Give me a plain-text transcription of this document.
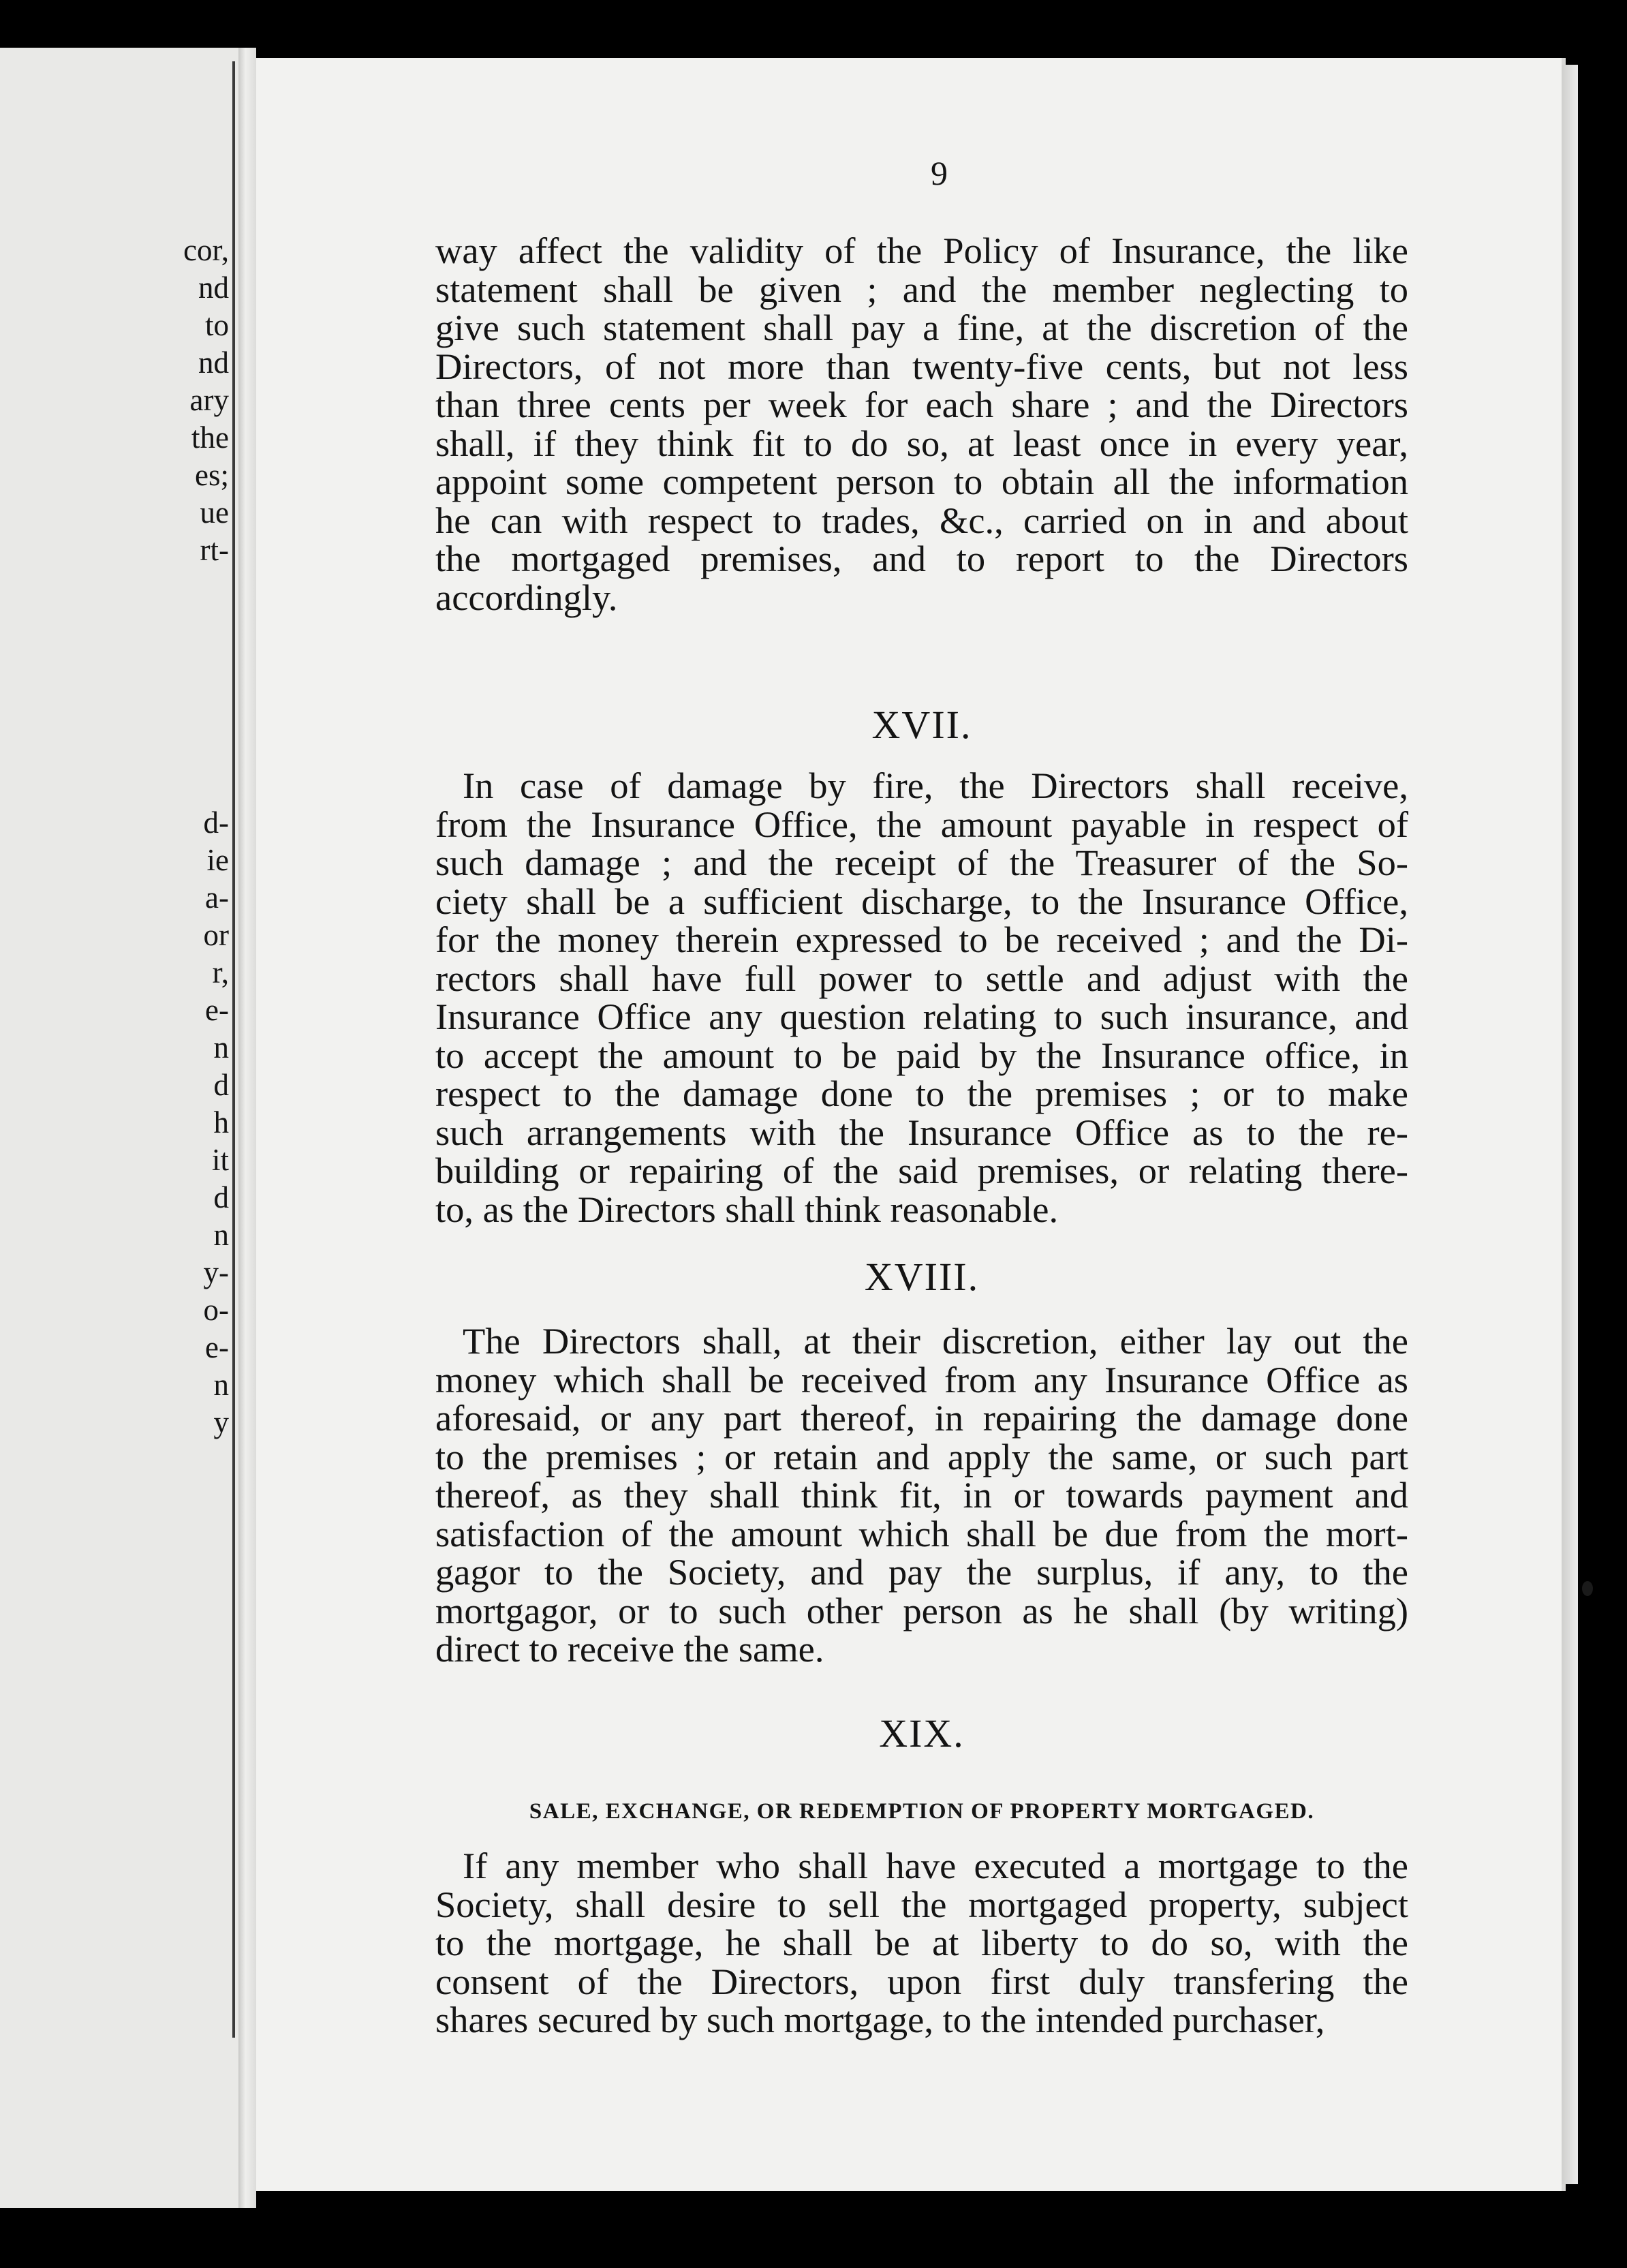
cor,
nd
to
nd
ary
the
es;
ue
rt-
d-
ie
a-
or
r,
e-
n
d
h
it
d
n
y-
o-
e-
n
y
9
way affect the validity of the Policy of Insurance, the like
statement shall be given ; and the member neglecting to
give such statement shall pay a fine, at the discretion of the
Directors, of not more than twenty-five cents, but not less
than three cents per week for each share ; and the Directors
shall, if they think fit to do so, at least once in every year,
appoint some competent person to obtain all the information
he can with respect to trades, &c., carried on in and about
the mortgaged premises, and to report to the Directors
accordingly.
XVII.
In case of damage by fire, the Directors shall receive,
from the Insurance Office, the amount payable in respect of
such damage ; and the receipt of the Treasurer of the So-
ciety shall be a sufficient discharge, to the Insurance Office,
for the money therein expressed to be received ; and the Di-
rectors shall have full power to settle and adjust with the
Insurance Office any question relating to such insurance, and
to accept the amount to be paid by the Insurance office, in
respect to the damage done to the premises ; or to make
such arrangements with the Insurance Office as to the re-
building or repairing of the said premises, or relating there-
to, as the Directors shall think reasonable.
XVIII.
The Directors shall, at their discretion, either lay out the
money which shall be received from any Insurance Office as
aforesaid, or any part thereof, in repairing the damage done
to the premises ; or retain and apply the same, or such part
thereof, as they shall think fit, in or towards payment and
satisfaction of the amount which shall be due from the mort-
gagor to the Society, and pay the surplus, if any, to the
mortgagor, or to such other person as he shall (by writing)
direct to receive the same.
XIX.
SALE, EXCHANGE, OR REDEMPTION OF PROPERTY MORTGAGED.
If any member who shall have executed a mortgage to the
Society, shall desire to sell the mortgaged property, subject
to the mortgage, he shall be at liberty to do so, with the
consent of the Directors, upon first duly transfering the
shares secured by such mortgage, to the intended purchaser,
